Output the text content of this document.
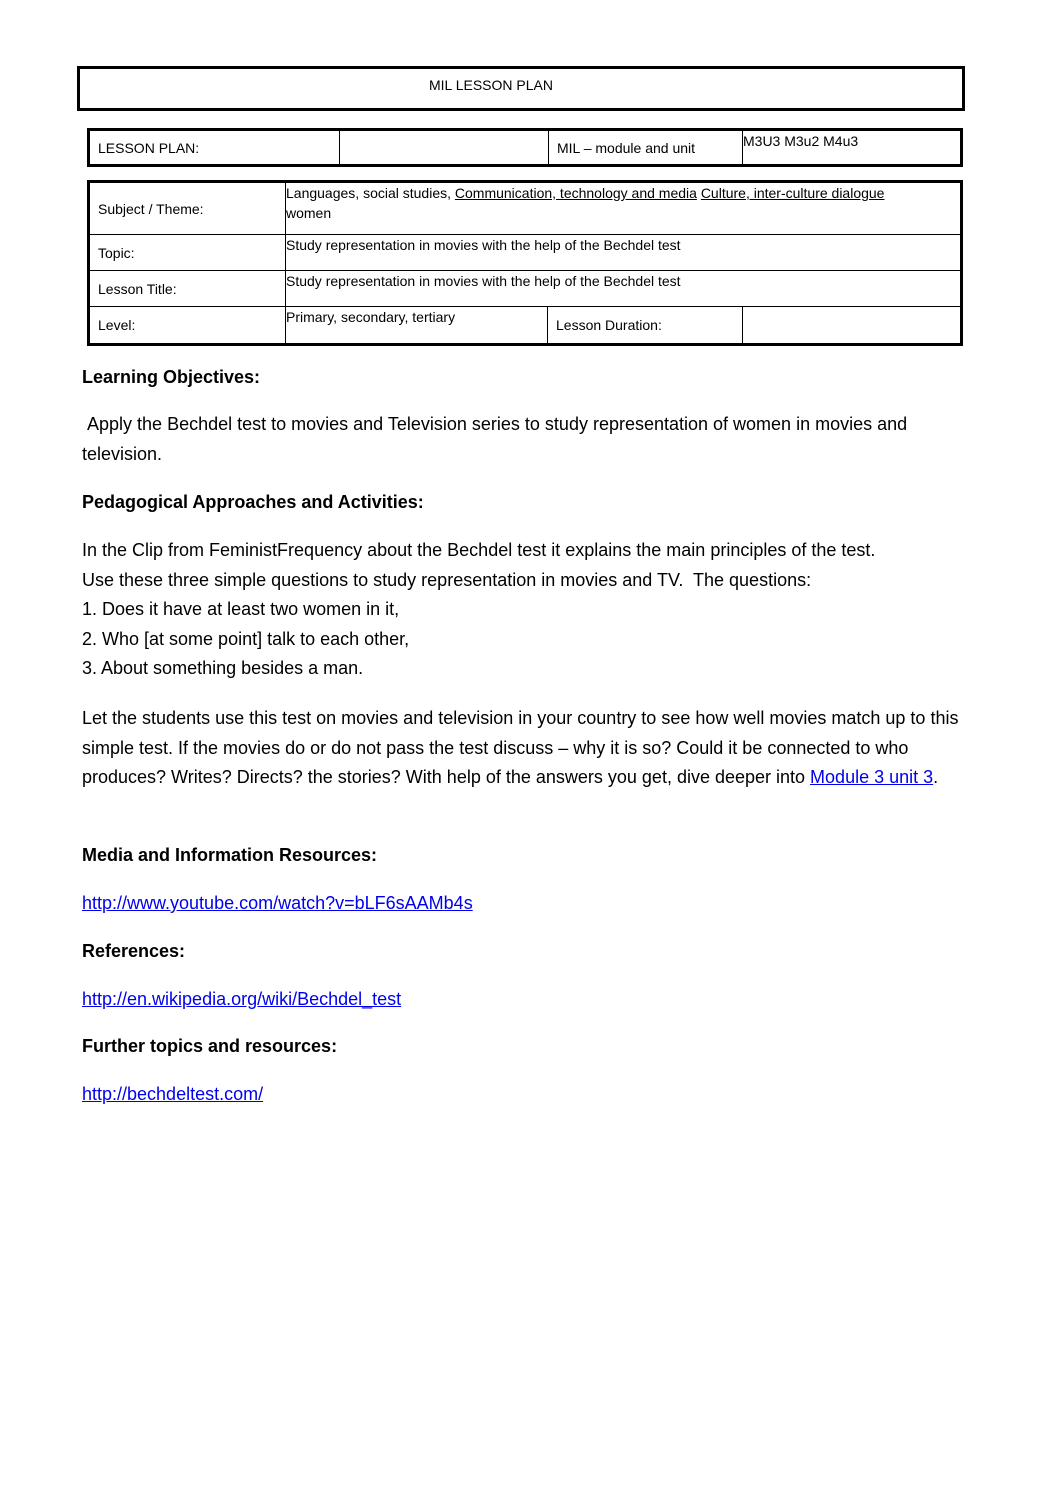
MIL LESSON PLAN
LESSON PLAN:		MIL – module and unit	M3U3 M3u2 M4u3
Subject / Theme:	Languages, social studies, Communication, technology and media Culture, inter-culture dialogue women		
Topic:	Study representation in movies with the help of the Bechdel test		
Lesson Title:	Study representation in movies with the help of the Bechdel test		
Level:	Primary, secondary, tertiary	Lesson Duration:	
Learning Objectives:
Apply the Bechdel test to movies and Television series to study representation of women in movies and television.
Pedagogical Approaches and Activities:
In the Clip from FeministFrequency about the Bechdel test it explains the main principles of the test.
Use these three simple questions to study representation in movies and TV.  The questions:
1. Does it have at least two women in it,
2. Who [at some point] talk to each other,
3. About something besides a man.
Let the students use this test on movies and television in your country to see how well movies match up to this simple test. If the movies do or do not pass the test discuss – why it is so? Could it be connected to who produces? Writes? Directs? the stories? With help of the answers you get, dive deeper into Module 3 unit 3.
Media and Information Resources:
http://www.youtube.com/watch?v=bLF6sAAMb4s
References:
http://en.wikipedia.org/wiki/Bechdel_test
Further topics and resources:
http://bechdeltest.com/
